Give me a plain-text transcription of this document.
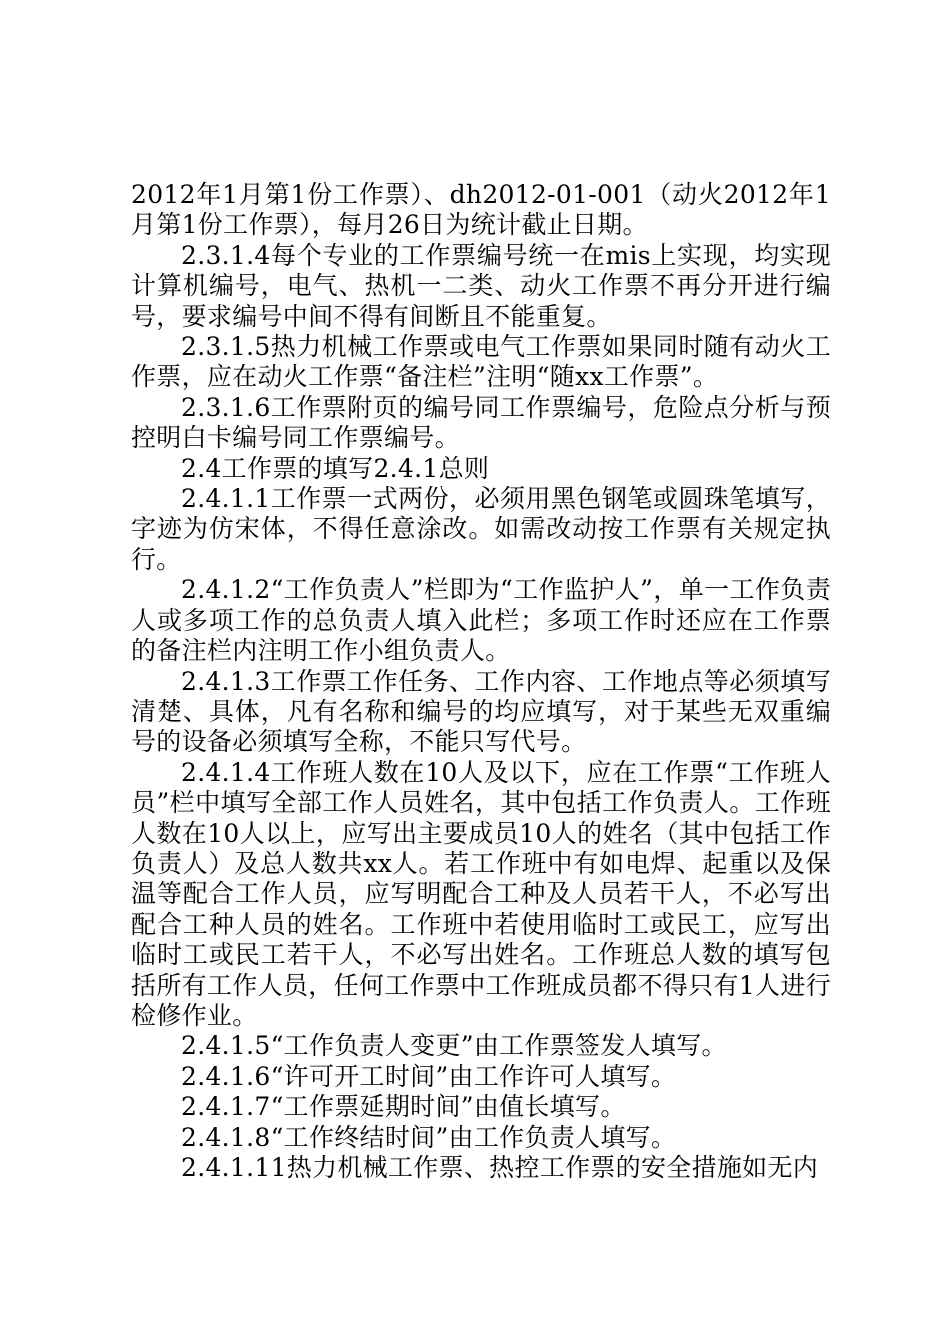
2012年1月第1份工作票）、dh2012-01-001（动火2012年1月第1份工作票），每月26日为统计截止日期。

2.3.1.4每个专业的工作票编号统一在mis上实现，均实现计算机编号，电气、热机一二类、动火工作票不再分开进行编号，要求编号中间不得有间断且不能重复。

2.3.1.5热力机械工作票或电气工作票如果同时随有动火工作票，应在动火工作票“备注栏”注明“随xx工作票”。

2.3.1.6工作票附页的编号同工作票编号，危险点分析与预控明白卡编号同工作票编号。

2.4工作票的填写2.4.1总则

2.4.1.1工作票一式两份，必须用黑色钢笔或圆珠笔填写，字迹为仿宋体，不得任意涂改。如需改动按工作票有关规定执行。

2.4.1.2“工作负责人”栏即为“工作监护人”，单一工作负责人或多项工作的总负责人填入此栏；多项工作时还应在工作票的备注栏内注明工作小组负责人。

2.4.1.3工作票工作任务、工作内容、工作地点等必须填写清楚、具体，凡有名称和编号的均应填写，对于某些无双重编号的设备必须填写全称，不能只写代号。

2.4.1.4工作班人数在10人及以下，应在工作票“工作班人员”栏中填写全部工作人员姓名，其中包括工作负责人。工作班人数在10人以上，应写出主要成员10人的姓名（其中包括工作负责人）及总人数共xx人。若工作班中有如电焊、起重以及保温等配合工作人员，应写明配合工种及人员若干人，不必写出配合工种人员的姓名。工作班中若使用临时工或民工，应写出临时工或民工若干人，不必写出姓名。工作班总人数的填写包括所有工作人员，任何工作票中工作班成员都不得只有1人进行检修作业。

2.4.1.5“工作负责人变更”由工作票签发人填写。

2.4.1.6“许可开工时间”由工作许可人填写。

2.4.1.7“工作票延期时间”由值长填写。

2.4.1.8“工作终结时间”由工作负责人填写。

2.4.1.11热力机械工作票、热控工作票的安全措施如无内
